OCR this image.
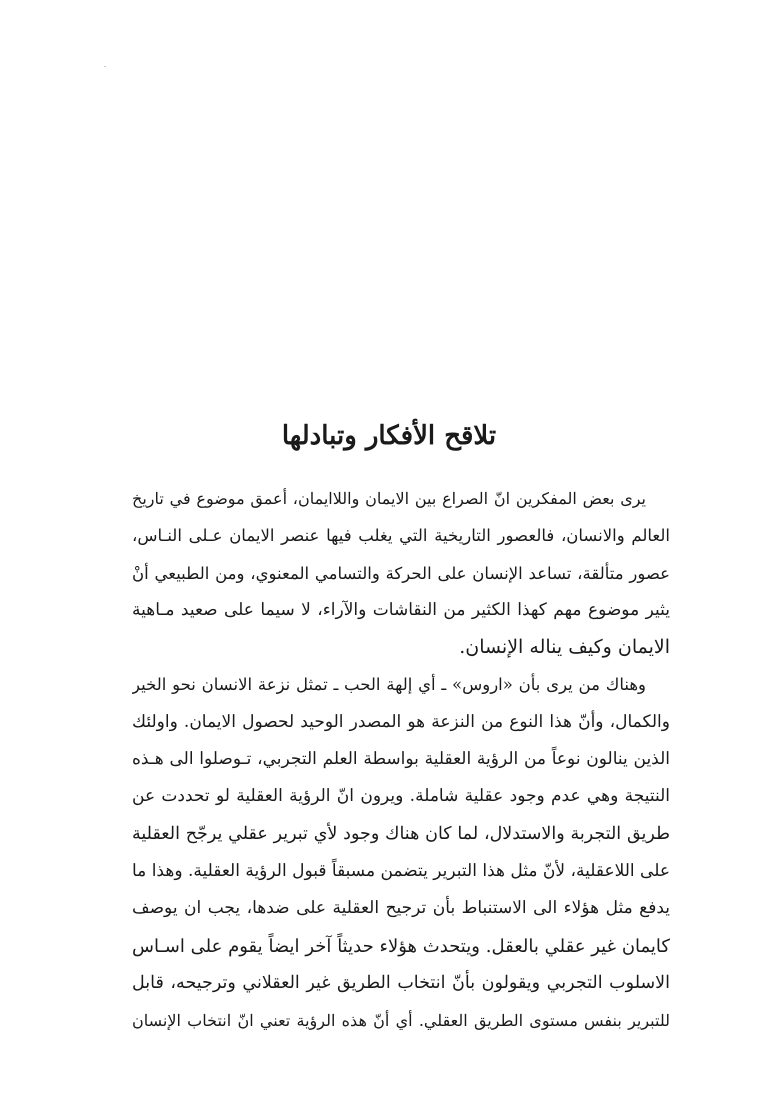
تلاقح الأفكار وتبادلها
يرى بعض المفكرين انّ الصراع بين الايمان واللاايمان، أعمق موضوع في تاريخ
العالم والانسان، فالعصور التاريخية التي يغلب فيها عنصر الايمان عـلى النـاس،
عصور متألقة، تساعد الإنسان على الحركة والتسامي المعنوي، ومن الطبيعي أنْ
يثير موضوع مهم كهذا الكثير من النقاشات والآراء، لا سيما على صعيد مـاهية
الايمان وكيف يناله الإنسان.
وهناك من يرى بأن «اروس» ـ أي إلهة الحب ـ تمثل نزعة الانسان نحو الخير
والكمال، وأنّ هذا النوع من النزعة هو المصدر الوحيد لحصول الايمان. واولئك
الذين ينالون نوعاً من الرؤية العقلية بواسطة العلم التجربي، تـوصلوا الى هـذه
النتيجة وهي عدم وجود عقلية شاملة. ويرون انّ الرؤية العقلية لو تحددت عن
طريق التجربة والاستدلال، لما كان هناك وجود لأي تبرير عقلي يرجّح العقلية
على اللاعقلية، لأنّ مثل هذا التبرير يتضمن مسبقاً قبول الرؤية العقلية. وهذا ما
يدفع مثل هؤلاء الى الاستنباط بأن ترجيح العقلية على ضدها، يجب ان يوصف
كايمان غير عقلي بالعقل. ويتحدث هؤلاء حديثاً آخر ايضاً يقوم على اسـاس
الاسلوب التجربي ويقولون بأنّ انتخاب الطريق غير العقلاني وترجيحه، قابل
للتبرير بنفس مستوى الطريق العقلي. أي أنّ هذه الرؤية تعني انّ انتخاب الإنسان
